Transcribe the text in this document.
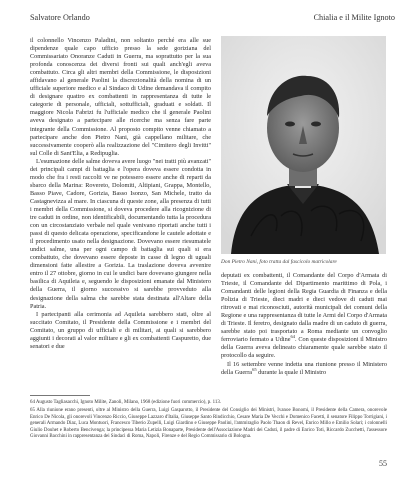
Salvatore Orlando	Chialia e il Milite Ignoto

il colonnello Vincenzo Paladini, non soltanto perché era alle sue dipendenze quale capo ufficio presso la sede goriziana del Commissariato Onoranze Caduti in Guerra, ma soprattutto per la sua profonda conoscenza dei diversi fronti sui quali anch'egli aveva combattuto. Circa gli altri membri della Commissione, le disposizioni affidavano al generale Paolini la discrezionalità della nomina di un ufficiale superiore medico e al Sindaco di Udine demandava il compito di designare quattro ex combattenti in rappresentanza di tutte le categorie di personale, ufficiali, sottufficiali, graduati e soldati. Il maggiore Nicola Fabrizi fu l'ufficiale medico che il generale Paolini aveva designato a partecipare alle ricerche ma senza fare parte integrante della Commissione. Al proposto compito venne chiamato a partecipare anche don Pietro Nani, già cappellano militare, che successivamente cooperò alla realizzazione del "Cimitero degli Invitti" sul Colle di Sant'Elia, a Redipuglia.

L'esumazione delle salme doveva avere luogo "nei tratti più avanzati" dei principali campi di battaglia e l'opera doveva essere condotta in modo che fra i resti raccolti ve ne potessero essere anche di reparti da sbarco della Marina: Rovereto, Dolomiti, Altipiani, Grappa, Montello, Basso Piave, Cadore, Gorizia, Basso Isonzo, San Michele, tratto da Castagnevizza al mare. In ciascuna di queste zone, alla presenza di tutti i membri della Commissione, si doveva procedere alla ricognizione di tre caduti in ordine, non identificabili, documentando tutta la procedura con un circostanziato verbale nel quale venivano riportati anche tutti i passi di questo delicata operazione, specificandone le cautele adottate e il procedimento usato nella designazione. Dovevano essere riesumatele undici salme, una per ogni campo di battaglia sui quali si era combattuto, che dovevano essere deposte in casse di legno di uguali dimensioni fatte allestire a Gorizia. La traslazione doveva avvenire entro il 27 ottobre, giorno in cui le undici bare dovevano giungere nella basilica di Aquileia e, seguendo le disposizioni emanate dal Ministero della Guerra, il giorno successivo si sarebbe provveduto alla designazione della salma che sarebbe stata destinata all'Altare della Patria.

I partecipanti alla cerimonia ad Aquileia sarebbero stati, oltre al succitato Comitato, il Presidente della Commissione e i membri del Comitato, un gruppo di ufficiali e di militari, ai quali si sarebbero aggiunti i decorati al valor militare e gli ex combattenti Caspuretto, due senatori e due

Don Pietro Nani, foto tratta dal fascicolo matricolare

deputati ex combattenti, il Comandante del Corpo d'Armata di Trieste, il Comandante del Dipartimento marittimo di Pola, i Comandanti delle legioni della Regia Guardia di Finanza e della Polizia di Trieste, dieci madri e dieci vedove di caduti mai ritrovati e mai riconosciuti, autorità municipali dei comuni della Regione e una rappresentanza di tutte le Armi del Corpo d'Armata di Trieste. Il feretro, designato dalla madre di un caduto di guerra, sarebbe stato poi trasportato a Roma mediante un convoglio ferroviario fermato a Udine$^{64}$. Con queste disposizioni il Ministro della Guerra aveva delineato chiaramente quale sarebbe stato il protocollo da seguire.

Il 16 settembre venne indetta una riunione presso il Ministero della Guerra$^{65}$ durante la quale il Ministro

64 Augusto Tagliasacchi, Ignoto Milite, Zanoli, Milano, 1968 (edizione fuori commercio), p. 113.

65 Alla riunione erano presenti, oltre al Ministro della Guerra, Luigi Gasparotto, il Presidente del Consiglio dei Ministri, Ivanoe Bonomi, il Presidente della Camera, onorevole Enrico De Nicola, gli onorevoli Vincenzo Riccio, Giuseppe Lazzaro d'Italia, Giuseppe Santo Rindicchio, Cesare Maria De Vecchi e Domenico Facetti, il senatore Filippo Torrigiani, i generali Armando Diaz, Luca Montuori, Francesco Tiberio Zupelli, Luigi Giardino e Giuseppe Paolini, l'ammiraglio Paolo Thaon di Revel, Enrico Millo e Emilio Solari; i colonnelli Giulio Douhet e Roberto Bencivenga; la principessa Maria Letizia Bonaparte, Presidente dell'Associazione Madri dei Caduti, il padre di Enrico Toti, Riccardo Zucchetti, l'assessore Giovanni Bacchini in rappresentanza dei Sindaci di Roma, Napoli, Firenze e del Regio Commissario di Bologna.

55
